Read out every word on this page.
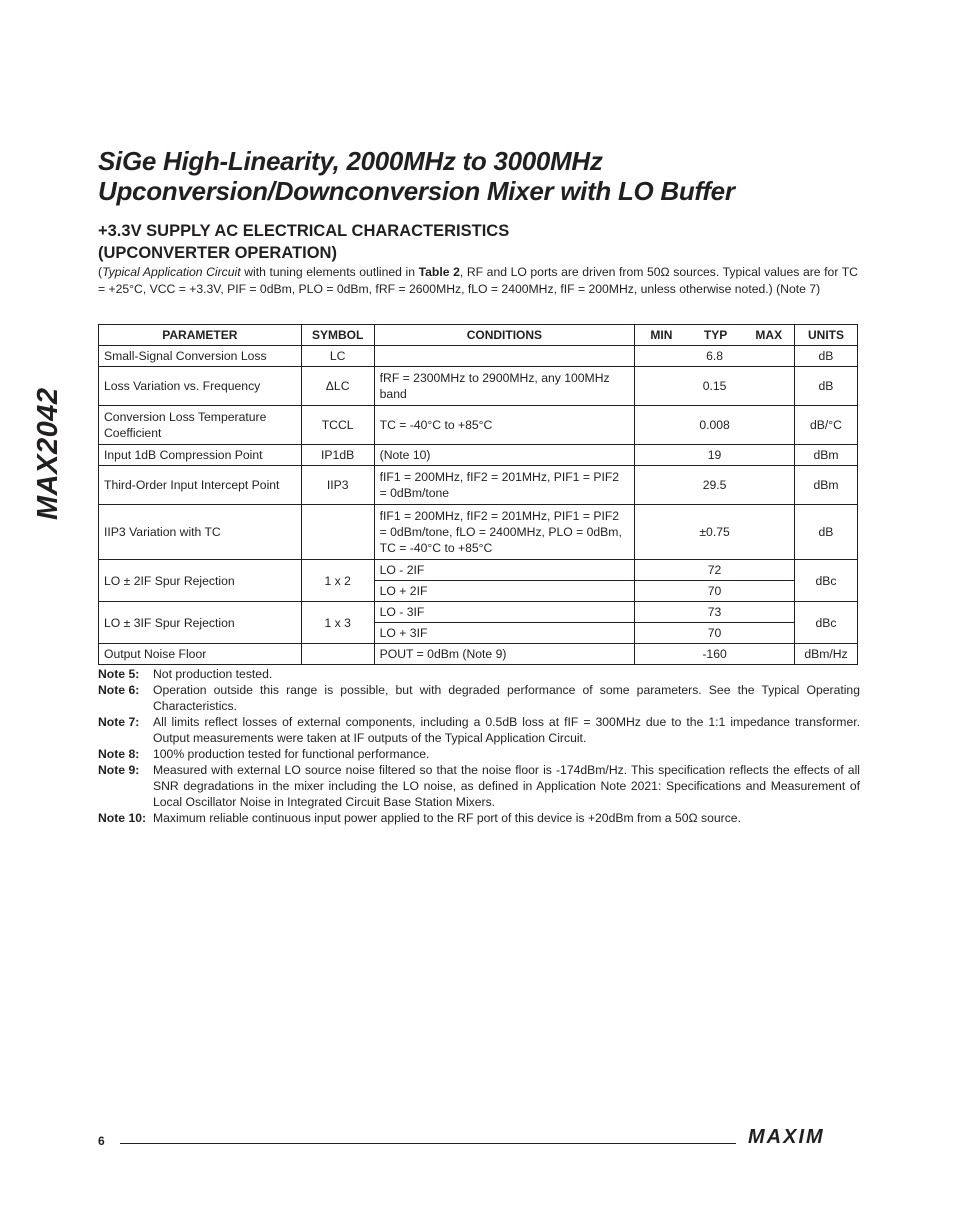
MAX2042
SiGe High-Linearity, 2000MHz to 3000MHz
Upconversion/Downconversion Mixer with LO Buffer
+3.3V SUPPLY AC ELECTRICAL CHARACTERISTICS
(UPCONVERTER OPERATION)
(Typical Application Circuit with tuning elements outlined in Table 2, RF and LO ports are driven from 50Ω sources. Typical values are for TC = +25°C, VCC = +3.3V, PIF = 0dBm, PLO = 0dBm, fRF = 2600MHz, fLO = 2400MHz, fIF = 200MHz, unless otherwise noted.) (Note 7)
PARAMETER	SYMBOL	CONDITIONS	MIN	TYP	MAX	UNITS
Small-Signal Conversion Loss	LC		6.8			dB
Loss Variation vs. Frequency	ΔLC	fRF = 2300MHz to 2900MHz, any 100MHz band	0.15			dB
Conversion Loss Temperature Coefficient	TCCL	TC = -40°C to +85°C	0.008			dB/°C
Input 1dB Compression Point	IP1dB	(Note 10)	19			dBm
Third-Order Input Intercept Point	IIP3	fIF1 = 200MHz, fIF2 = 201MHz, PIF1 = PIF2 = 0dBm/tone	29.5			dBm
IIP3 Variation with TC		fIF1 = 200MHz, fIF2 = 201MHz, PIF1 = PIF2 = 0dBm/tone, fLO = 2400MHz, PLO = 0dBm, TC = -40°C to +85°C	±0.75			dB
LO ± 2IF Spur Rejection	1 x 2	LO - 2IF	72			dBc
		LO + 2IF	70			
LO ± 3IF Spur Rejection	1 x 3	LO - 3IF	73			dBc
		LO + 3IF	70			
Output Noise Floor		POUT = 0dBm (Note 9)	-160			dBm/Hz
Note 5:	Not production tested.
Note 6:	Operation outside this range is possible, but with degraded performance of some parameters. See the Typical Operating Characteristics.
Note 7:	All limits reflect losses of external components, including a 0.5dB loss at fIF = 300MHz due to the 1:1 impedance transformer. Output measurements were taken at IF outputs of the Typical Application Circuit.
Note 8:	100% production tested for functional performance.
Note 9:	Measured with external LO source noise filtered so that the noise floor is -174dBm/Hz. This specification reflects the effects of all SNR degradations in the mixer including the LO noise, as defined in Application Note 2021: Specifications and Measurement of Local Oscillator Noise in Integrated Circuit Base Station Mixers.
Note 10: Maximum reliable continuous input power applied to the RF port of this device is +20dBm from a 50Ω source.
6	MAXIM
